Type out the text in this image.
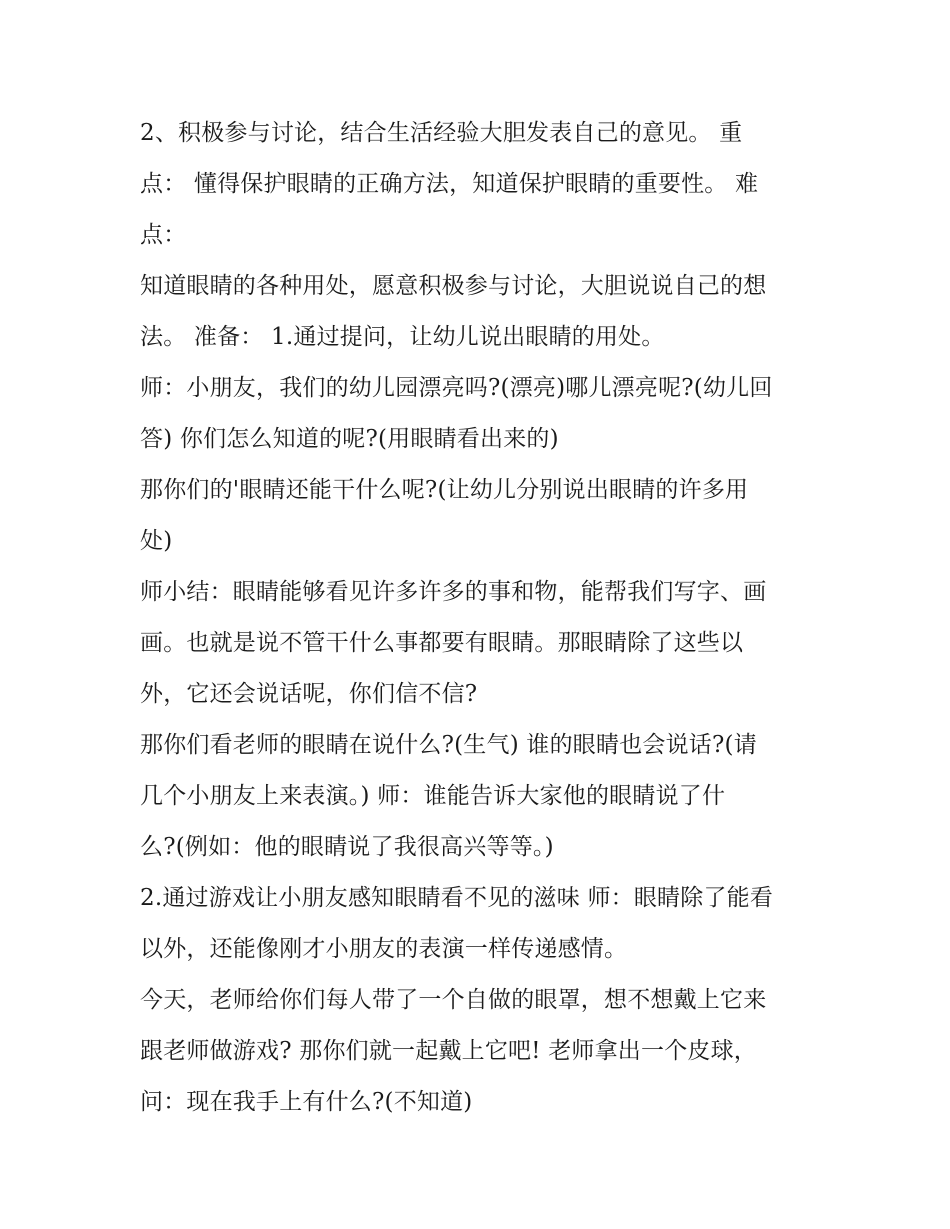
2、积极参与讨论，结合生活经验大胆发表自己的意见。 重
点： 懂得保护眼睛的正确方法，知道保护眼睛的重要性。 难
点：
知道眼睛的各种用处，愿意积极参与讨论，大胆说说自己的想
法。 准备： 1.通过提问，让幼儿说出眼睛的用处。
师：小朋友，我们的幼儿园漂亮吗?(漂亮)哪儿漂亮呢?(幼儿回
答) 你们怎么知道的呢?(用眼睛看出来的)
那你们的'眼睛还能干什么呢?(让幼儿分别说出眼睛的许多用
处)
师小结：眼睛能够看见许多许多的事和物，能帮我们写字、画
画。也就是说不管干什么事都要有眼睛。那眼睛除了这些以
外，它还会说话呢，你们信不信?
那你们看老师的眼睛在说什么?(生气) 谁的眼睛也会说话?(请
几个小朋友上来表演。) 师：谁能告诉大家他的眼睛说了什
么?(例如：他的眼睛说了我很高兴等等。)
2.通过游戏让小朋友感知眼睛看不见的滋味 师：眼睛除了能看
以外，还能像刚才小朋友的表演一样传递感情。
今天，老师给你们每人带了一个自做的眼罩，想不想戴上它来
跟老师做游戏? 那你们就一起戴上它吧! 老师拿出一个皮球，
问：现在我手上有什么?(不知道)
